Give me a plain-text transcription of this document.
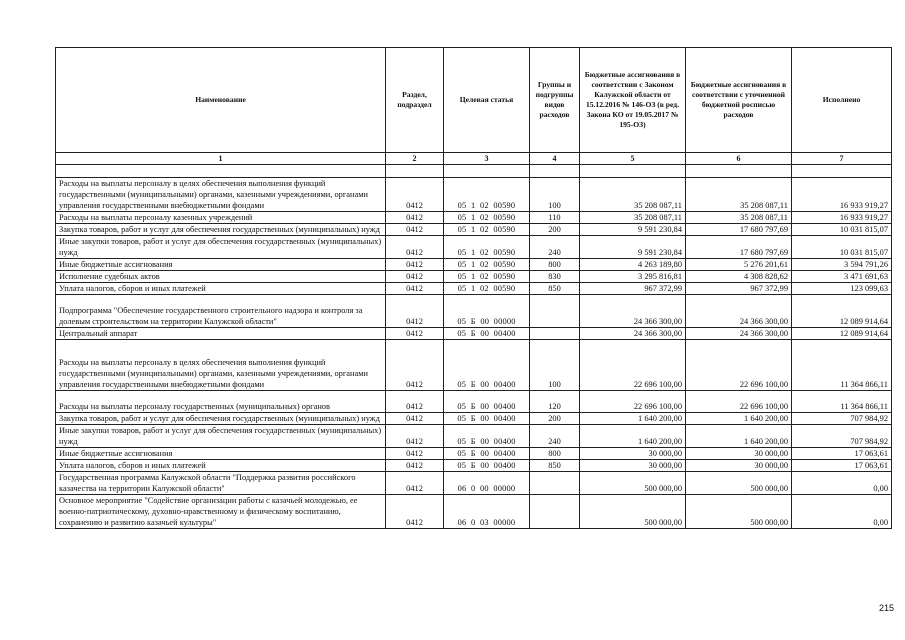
Наименование	Раздел, подраздел	Целевая статья	Группы и подгруппы видов расходов	Бюджетные ассигнования в соответствии с Законом Калужской области от 15.12.2016 № 146-ОЗ (в ред. Закона КО от 19.05.2017 № 195-ОЗ)	Бюджетные ассигнования в соответствии с уточненной бюджетной росписью расходов	Исполнено
1	2	3	4	5	6	7

Расходы на выплаты персоналу в целях обеспечения выполнения функций государственными (муниципальными) органами, казенными учреждениями, органами управления государственными внебюджетными фондами	0412	05  1  02  00590	100	35 208 087,11	35 208 087,11	16 933 919,27
Расходы на выплаты персоналу казенных учреждений	0412	05  1  02  00590	110	35 208 087,11	35 208 087,11	16 933 919,27
Закупка товаров, работ и услуг для обеспечения государственных (муниципальных) нужд	0412	05  1  02  00590	200	9 591 230,84	17 680 797,69	10 031 815,07
Иные закупки товаров, работ и услуг для обеспечения государственных (муниципальных) нужд	0412	05  1  02  00590	240	9 591 230,84	17 680 797,69	10 031 815,07
Иные бюджетные ассигнования	0412	05  1  02  00590	800	4 263 189,80	5 276 201,61	3 594 791,26
Исполнение судебных актов	0412	05  1  02  00590	830	3 295 816,81	4 308 828,62	3 471 691,63
Уплата налогов, сборов и иных платежей	0412	05  1  02  00590	850	967 372,99	967 372,99	123 099,63
Подпрограмма "Обеспечение государственного строительного надзора и контроля за долевым строительством на территории Калужской области"	0412	05  Б  00  00000		24 366 300,00	24 366 300,00	12 089 914,64
Центральный аппарат	0412	05  Б  00  00400		24 366 300,00	24 366 300,00	12 089 914,64
Расходы на выплаты персоналу в целях обеспечения выполнения функций государственными (муниципальными) органами, казенными учреждениями, органами управления государственными внебюджетными фондами	0412	05  Б  00  00400	100	22 696 100,00	22 696 100,00	11 364 866,11
Расходы на выплаты персоналу государственных (муниципальных) органов	0412	05  Б  00  00400	120	22 696 100,00	22 696 100,00	11 364 866,11
Закупка товаров, работ и услуг для обеспечения государственных (муниципальных) нужд	0412	05  Б  00  00400	200	1 640 200,00	1 640 200,00	707 984,92
Иные закупки товаров, работ и услуг для обеспечения государственных (муниципальных) нужд	0412	05  Б  00  00400	240	1 640 200,00	1 640 200,00	707 984,92
Иные бюджетные ассигнования	0412	05  Б  00  00400	800	30 000,00	30 000,00	17 063,61
Уплата налогов, сборов и иных платежей	0412	05  Б  00  00400	850	30 000,00	30 000,00	17 063,61
Государственная программа Калужской области "Поддержка развития российского казачества на территории Калужской области"	0412	06  0  00  00000		500 000,00	500 000,00	0,00
Основное мероприятие "Содействие организации работы с казачьей молодежью, ее военно-патриотическому, духовно-нравственному и физическому воспитанию, сохранению и развитию казачьей культуры"	0412	06  0  03  00000		500 000,00	500 000,00	0,00
215
